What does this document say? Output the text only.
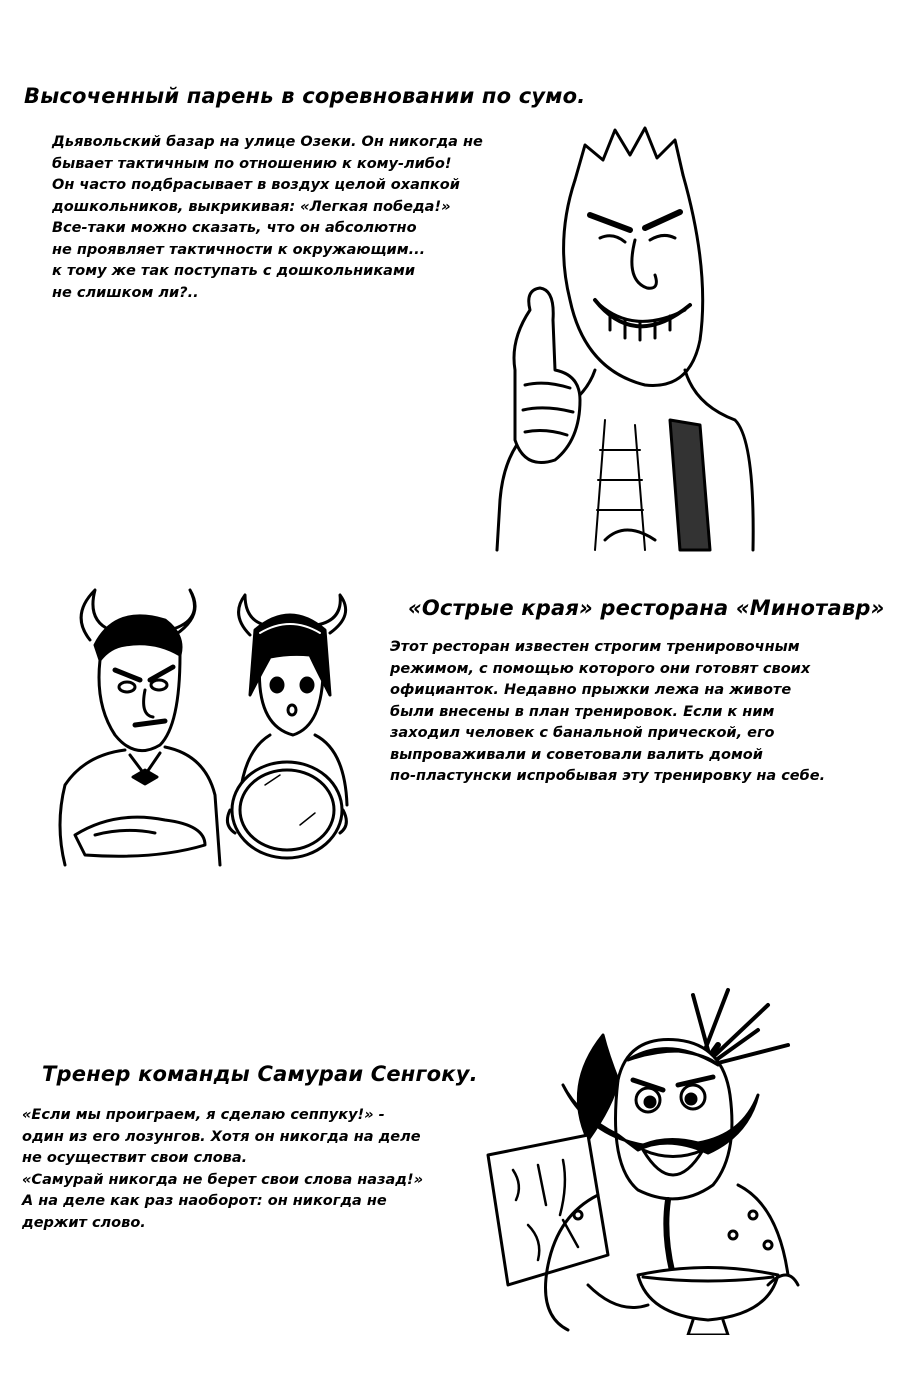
Высоченный парень в соревновании по сумо.
Дьявольский базар на улице Озеки. Он никогда не
бывает тактичным по отношению к кому-либо!
Он часто подбрасывает в воздух целой охапкой
дошкольников, выкрикивая: «Легкая победа!»
Все-таки можно сказать, что он абсолютно
не проявляет тактичности к окружающим...
к тому же так поступать с дошкольниками
не слишком ли?..
«Острые края» ресторана «Минотавр»
Этот ресторан известен строгим тренировочным
режимом, с помощью которого они готовят своих
официанток. Недавно прыжки лежа на животе
были внесены в план тренировок. Если к ним
заходил человек с банальной прической, его
выпроваживали и советовали валить домой
по-пластунски испробывая эту тренировку на себе.
Тренер команды Самураи Сенгоку.
«Если мы проиграем, я сделаю сеппуку!» -
один из его лозунгов. Хотя он никогда на деле
не осуществит свои слова.
«Самурай никогда не берет свои слова назад!»
А на деле как раз наоборот: он никогда не
держит слово.
